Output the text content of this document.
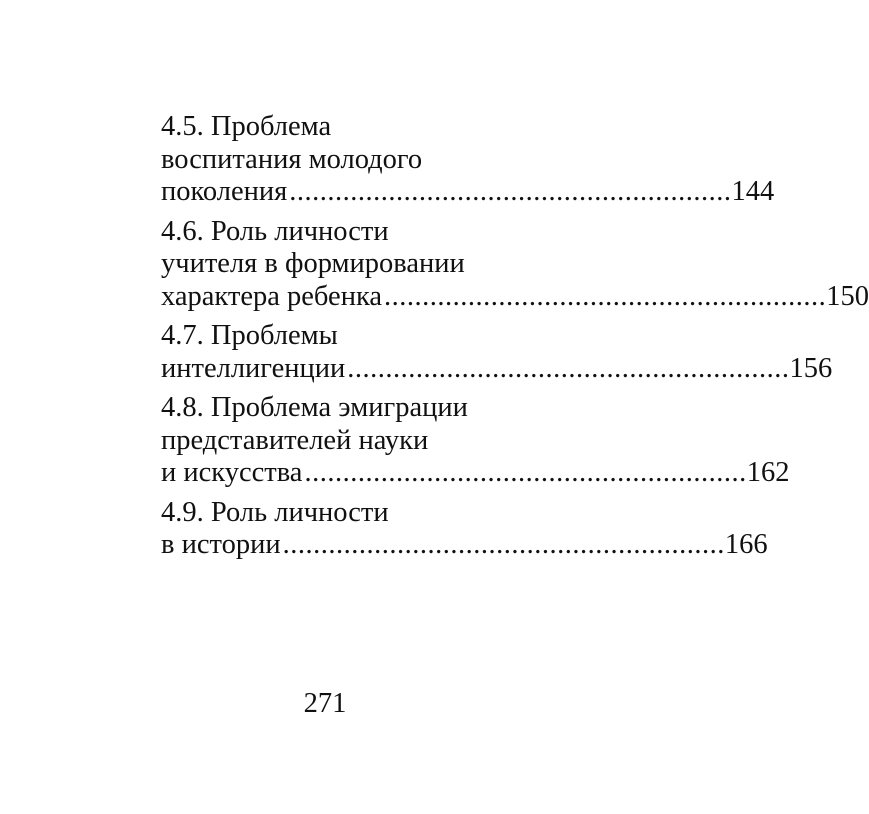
4.5. Проблема
воспитания молодого
поколения .......................................................... 144
4.6. Роль личности
учителя в формировании
характера ребенка .......................................................... 150
4.7. Проблемы
интеллигенции .......................................................... 156
4.8. Проблема эмиграции
представителей науки
и искусства .......................................................... 162
4.9. Роль личности
в истории .......................................................... 166
271
